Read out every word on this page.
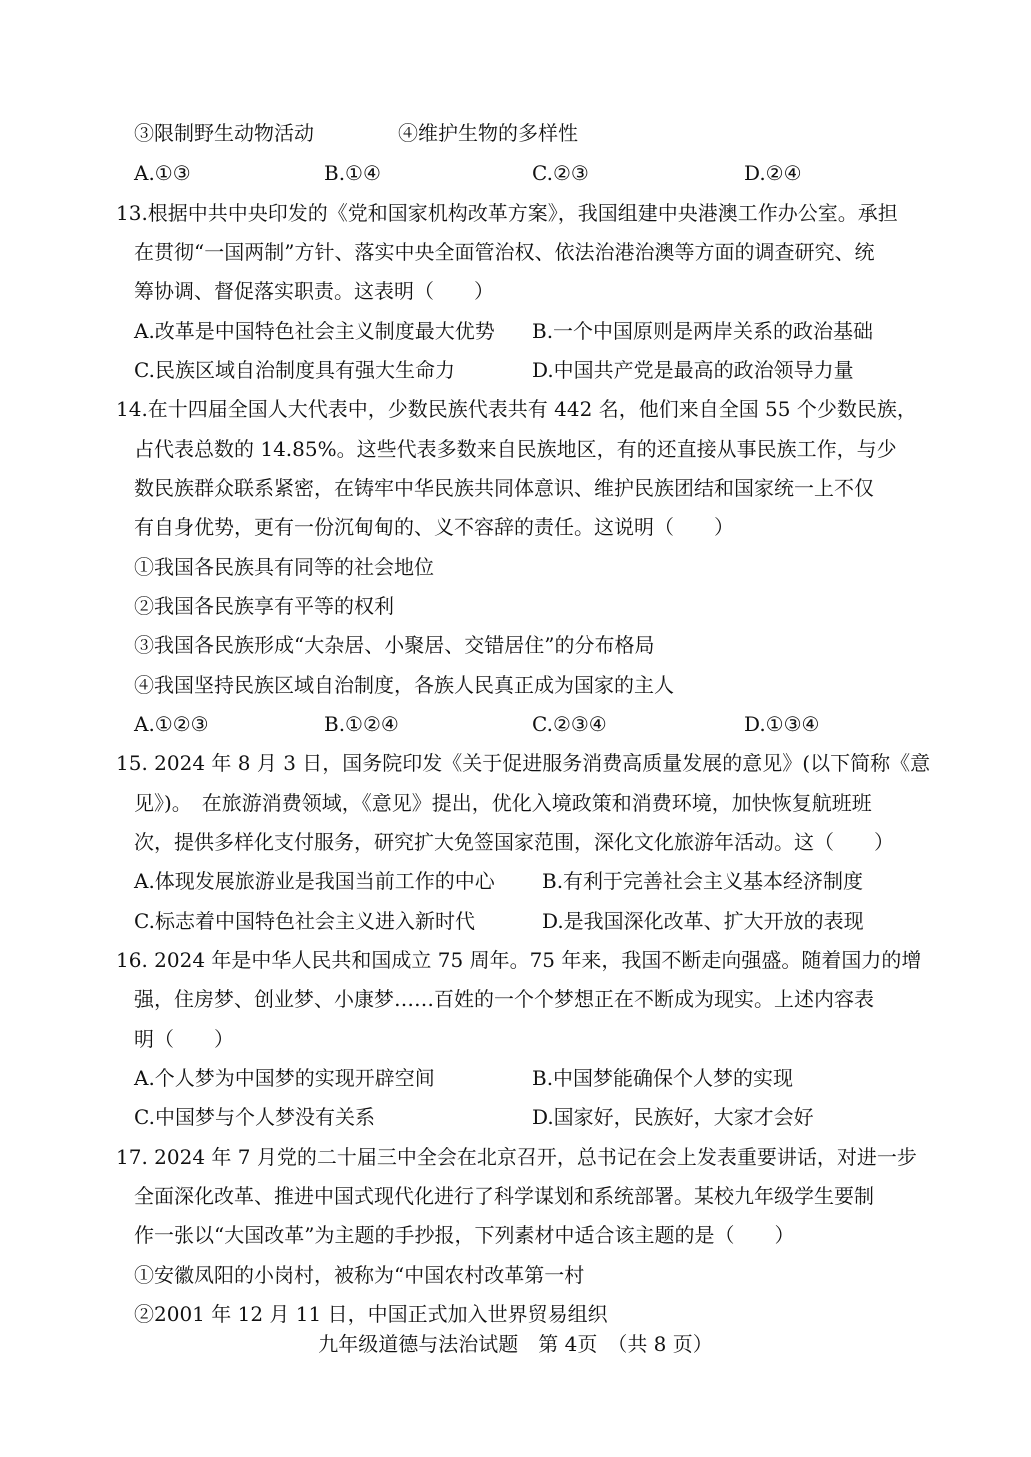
③限制野生动物活动	④维护生物的多样性
A.①③	B.①④	C.②③	D.②④
13.根据中共中央印发的《党和国家机构改革方案》，我国组建中央港澳工作办公室。承担
在贯彻“一国两制”方针、落实中央全面管治权、依法治港治澳等方面的调查研究、统
筹协调、督促落实职责。这表明（　　）
A.改革是中国特色社会主义制度最大优势 B.一个中国原则是两岸关系的政治基础
C.民族区域自治制度具有强大生命力	D.中国共产党是最高的政治领导力量
14.在十四届全国人大代表中，少数民族代表共有 442 名，他们来自全国 55 个少数民族，
占代表总数的 14.85%。这些代表多数来自民族地区，有的还直接从事民族工作，与少
数民族群众联系紧密，在铸牢中华民族共同体意识、维护民族团结和国家统一上不仅
有自身优势，更有一份沉甸甸的、义不容辞的责任。这说明（　　）
①我国各民族具有同等的社会地位
②我国各民族享有平等的权利
③我国各民族形成“大杂居、小聚居、交错居住”的分布格局
④我国坚持民族区域自治制度，各族人民真正成为国家的主人
A.①②③	B.①②④	C.②③④	D.①③④
15. 2024 年 8 月 3 日，国务院印发《关于促进服务消费高质量发展的意见》(以下简称《意
见》)。　在旅游消费领域，《意见》提出，优化入境政策和消费环境，加快恢复航班班
次，提供多样化支付服务，研究扩大免签国家范围，深化文化旅游年活动。这（　　）
A.体现发展旅游业是我国当前工作的中心 B.有利于完善社会主义基本经济制度
C.标志着中国特色社会主义进入新时代	D.是我国深化改革、扩大开放的表现
16. 2024 年是中华人民共和国成立 75 周年。75 年来，我国不断走向强盛。随着国力的增
强，住房梦、创业梦、小康梦……百姓的一个个梦想正在不断成为现实。上述内容表
明（　　）
A.个人梦为中国梦的实现开辟空间	B.中国梦能确保个人梦的实现
C.中国梦与个人梦没有关系	D.国家好，民族好，大家才会好
17. 2024 年 7 月党的二十届三中全会在北京召开，总书记在会上发表重要讲话，对进一步
全面深化改革、推进中国式现代化进行了科学谋划和系统部署。某校九年级学生要制
作一张以“大国改革”为主题的手抄报，下列素材中适合该主题的是（　　）
①安徽凤阳的小岗村，被称为“中国农村改革第一村
②2001 年 12 月 11 日，中国正式加入世界贸易组织
九年级道德与法治试题　第 4页　（共 8 页）
